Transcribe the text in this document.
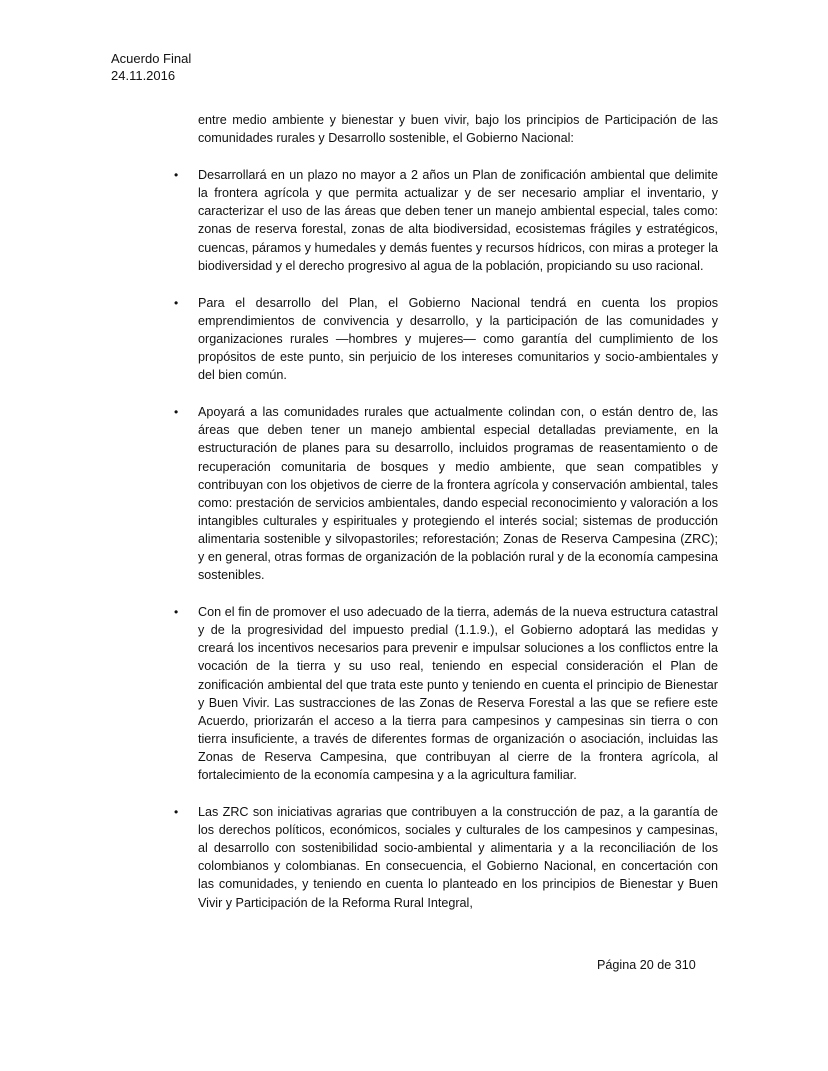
Acuerdo Final
24.11.2016

entre medio ambiente y bienestar y buen vivir, bajo los principios de Participación de las comunidades rurales y Desarrollo sostenible, el Gobierno Nacional:

• Desarrollará en un plazo no mayor a 2 años un Plan de zonificación ambiental que delimite la frontera agrícola y que permita actualizar y de ser necesario ampliar el inventario, y caracterizar el uso de las áreas que deben tener un manejo ambiental especial, tales como: zonas de reserva forestal, zonas de alta biodiversidad, ecosistemas frágiles y estratégicos, cuencas, páramos y humedales y demás fuentes y recursos hídricos, con miras a proteger la biodiversidad y el derecho progresivo al agua de la población, propiciando su uso racional.
• Para el desarrollo del Plan, el Gobierno Nacional tendrá en cuenta los propios emprendimientos de convivencia y desarrollo, y la participación de las comunidades y organizaciones rurales —hombres y mujeres— como garantía del cumplimiento de los propósitos de este punto, sin perjuicio de los intereses comunitarios y socio-ambientales y del bien común.
• Apoyará a las comunidades rurales que actualmente colindan con, o están dentro de, las áreas que deben tener un manejo ambiental especial detalladas previamente, en la estructuración de planes para su desarrollo, incluidos programas de reasentamiento o de recuperación comunitaria de bosques y medio ambiente, que sean compatibles y contribuyan con los objetivos de cierre de la frontera agrícola y conservación ambiental, tales como: prestación de servicios ambientales, dando especial reconocimiento y valoración a los intangibles culturales y espirituales y protegiendo el interés social; sistemas de producción alimentaria sostenible y silvopastoriles; reforestación; Zonas de Reserva Campesina (ZRC); y en general, otras formas de organización de la población rural y de la economía campesina sostenibles.
• Con el fin de promover el uso adecuado de la tierra, además de la nueva estructura catastral y de la progresividad del impuesto predial (1.1.9.), el Gobierno adoptará las medidas y creará los incentivos necesarios para prevenir e impulsar soluciones a los conflictos entre la vocación de la tierra y su uso real, teniendo en especial consideración el Plan de zonificación ambiental del que trata este punto y teniendo en cuenta el principio de Bienestar y Buen Vivir. Las sustracciones de las Zonas de Reserva Forestal a las que se refiere este Acuerdo, priorizarán el acceso a la tierra para campesinos y campesinas sin tierra o con tierra insuficiente, a través de diferentes formas de organización o asociación, incluidas las Zonas de Reserva Campesina, que contribuyan al cierre de la frontera agrícola, al fortalecimiento de la economía campesina y a la agricultura familiar.
• Las ZRC son iniciativas agrarias que contribuyen a la construcción de paz, a la garantía de los derechos políticos, económicos, sociales y culturales de los campesinos y campesinas, al desarrollo con sostenibilidad socio-ambiental y alimentaria y a la reconciliación de los colombianos y colombianas. En consecuencia, el Gobierno Nacional, en concertación con las comunidades, y teniendo en cuenta lo planteado en los principios de Bienestar y Buen Vivir y Participación de la Reforma Rural Integral,
Página 20 de 310
